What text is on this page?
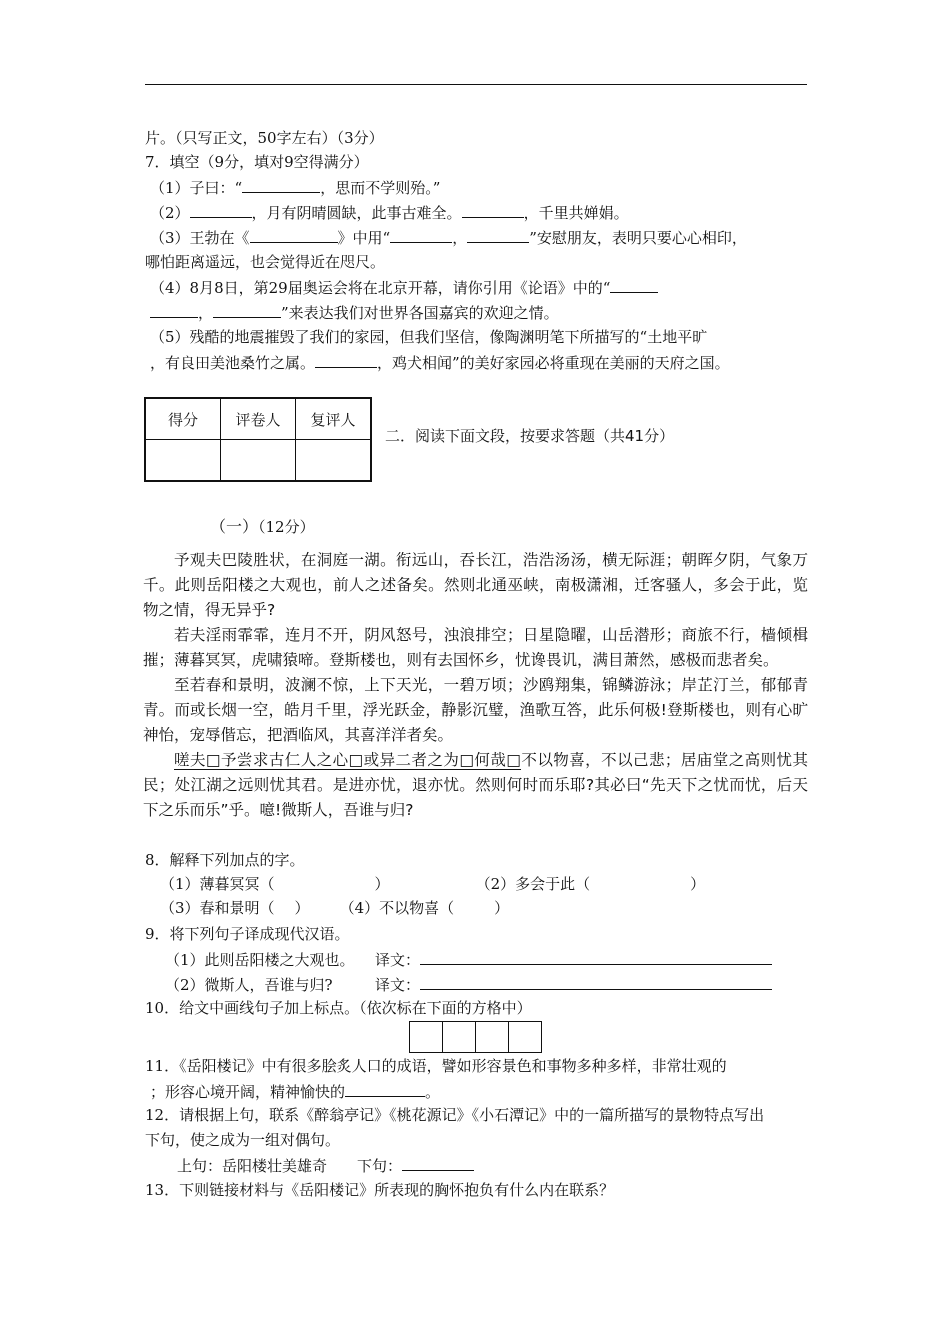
片。（只写正文，50字左右）（3分）
7．填空（9分，填对9空得满分）
（1）子曰：“	，思而不学则殆。”
（2）	，月有阴晴圆缺，此事古难全。	，千里共婵娟。
（3）王勃在《	》中用“	，	”安慰朋友，表明只要心心相印，
哪怕距离遥远，也会觉得近在咫尺。
（4）8月8日，第29届奥运会将在北京开幕，请你引用《论语》中的“
，	”来表达我们对世界各国嘉宾的欢迎之情。
（5）残酷的地震摧毁了我们的家园，但我们坚信，像陶渊明笔下所描写的“土地平旷
，有良田美池桑竹之属。	，鸡犬相闻”的美好家园必将重现在美丽的天府之国。
得分	评卷人	复评人

二．阅读下面文段，按要求答题（共41分）
（一）（12分）

予观夫巴陵胜状，在洞庭一湖。衔远山，吞长江，浩浩汤汤，横无际涯；朝晖夕阴，气象万千。此则岳阳楼之大观也，前人之述备矣。然则北通巫峡，南极潇湘，迁客骚人，多会于此，览物之情，得无异乎?

若夫淫雨霏霏，连月不开，阴风怒号，浊浪排空；日星隐曜，山岳潜形；商旅不行，樯倾楫摧；薄暮冥冥，虎啸猿啼。登斯楼也，则有去国怀乡，忧谗畏讥，满目萧然，感极而悲者矣。

至若春和景明，波澜不惊，上下天光，一碧万顷；沙鸥翔集，锦鳞游泳；岸芷汀兰，郁郁青青。而或长烟一空，皓月千里，浮光跃金，静影沉璧，渔歌互答，此乐何极!登斯楼也，则有心旷神怡，宠辱偕忘，把酒临风，其喜洋洋者矣。

嗟夫□予尝求古仁人之心□或异二者之为□何哉□不以物喜，不以己悲；居庙堂之高则忧其民；处江湖之远则忧其君。是进亦忧，退亦忧。然则何时而乐耶?其必曰“先天下之忧而忧，后天下之乐而乐”乎。噫!微斯人，吾谁与归?

8．解释下列加点的字。
（1）薄暮冥冥（	）	（2）多会于此（	）
（3）春和景明（ ） （4）不以物喜（	）
9．将下列句子译成现代汉语。
（1）此则岳阳楼之大观也。 译文：
（2）微斯人，吾谁与归?	译文：
10．给文中画线句子加上标点。（依次标在下面的方格中）
11．《岳阳楼记》中有很多脍炙人口的成语，譬如形容景色和事物多种多样，非常壮观的
；形容心境开阔，精神愉快的	。
12．请根据上句，联系《醉翁亭记》《桃花源记》《小石潭记》中的一篇所描写的景物特点写出
下句，使之成为一组对偶句。
上句：岳阳楼壮美雄奇 下句：
13．下则链接材料与《岳阳楼记》所表现的胸怀抱负有什么内在联系？
